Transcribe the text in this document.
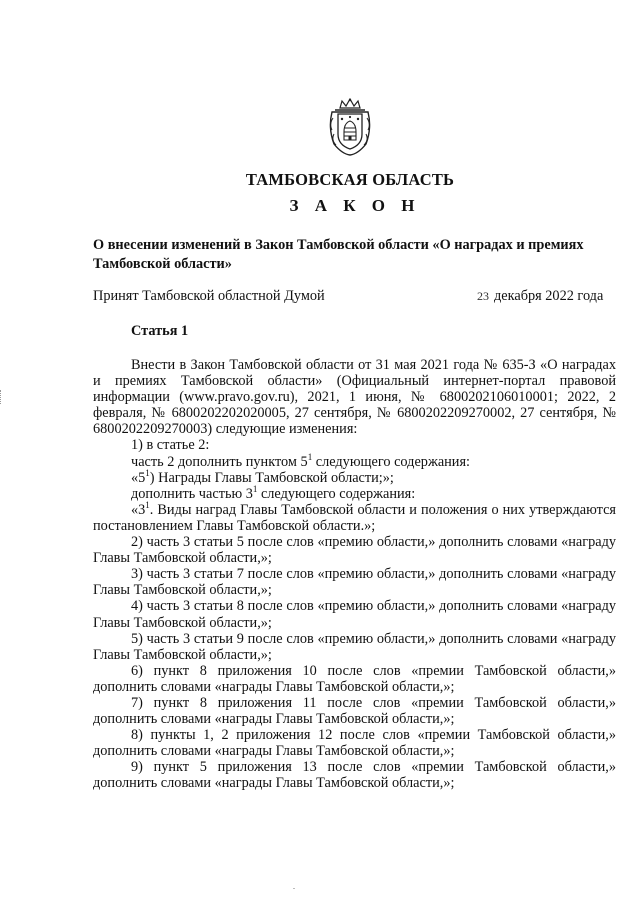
ТАМБОВСКАЯ ОБЛАСТЬ
З А К О Н
О внесении изменений в Закон Тамбовской области «О наградах и премиях Тамбовской области»
Принят Тамбовской областной Думой	23 декабря 2022 года
Статья 1

Внести в Закон Тамбовской области от 31 мая 2021 года № 635-З «О наградах и премиях Тамбовской области» (Официальный интернет-портал правовой информации (www.pravo.gov.ru), 2021, 1 июня, № 6800202106010001; 2022, 2 февраля, № 6800202202020005, 27 сентября, № 6800202209270002, 27 сентября, № 6800202209270003) следующие изменения:

1) в статье 2:

часть 2 дополнить пунктом $5^1$ следующего содержания:

«$5^1$) Награды Главы Тамбовской области;»;

дополнить частью $3^1$ следующего содержания:

«$3^1$. Виды наград Главы Тамбовской области и положения о них утверждаются постановлением Главы Тамбовской области.»;

2) часть 3 статьи 5 после слов «премию области,» дополнить словами «награду Главы Тамбовской области,»;

3) часть 3 статьи 7 после слов «премию области,» дополнить словами «награду Главы Тамбовской области,»;

4) часть 3 статьи 8 после слов «премию области,» дополнить словами «награду Главы Тамбовской области,»;

5) часть 3 статьи 9 после слов «премию области,» дополнить словами «награду Главы Тамбовской области,»;

6) пункт 8 приложения 10 после слов «премии Тамбовской области,» дополнить словами «награды Главы Тамбовской области,»;

7) пункт 8 приложения 11 после слов «премии Тамбовской области,» дополнить словами «награды Главы Тамбовской области,»;

8) пункты 1, 2 приложения 12 после слов «премии Тамбовской области,» дополнить словами «награды Главы Тамбовской области,»;

9) пункт 5 приложения 13 после слов «премии Тамбовской области,» дополнить словами «награды Главы Тамбовской области,»;
